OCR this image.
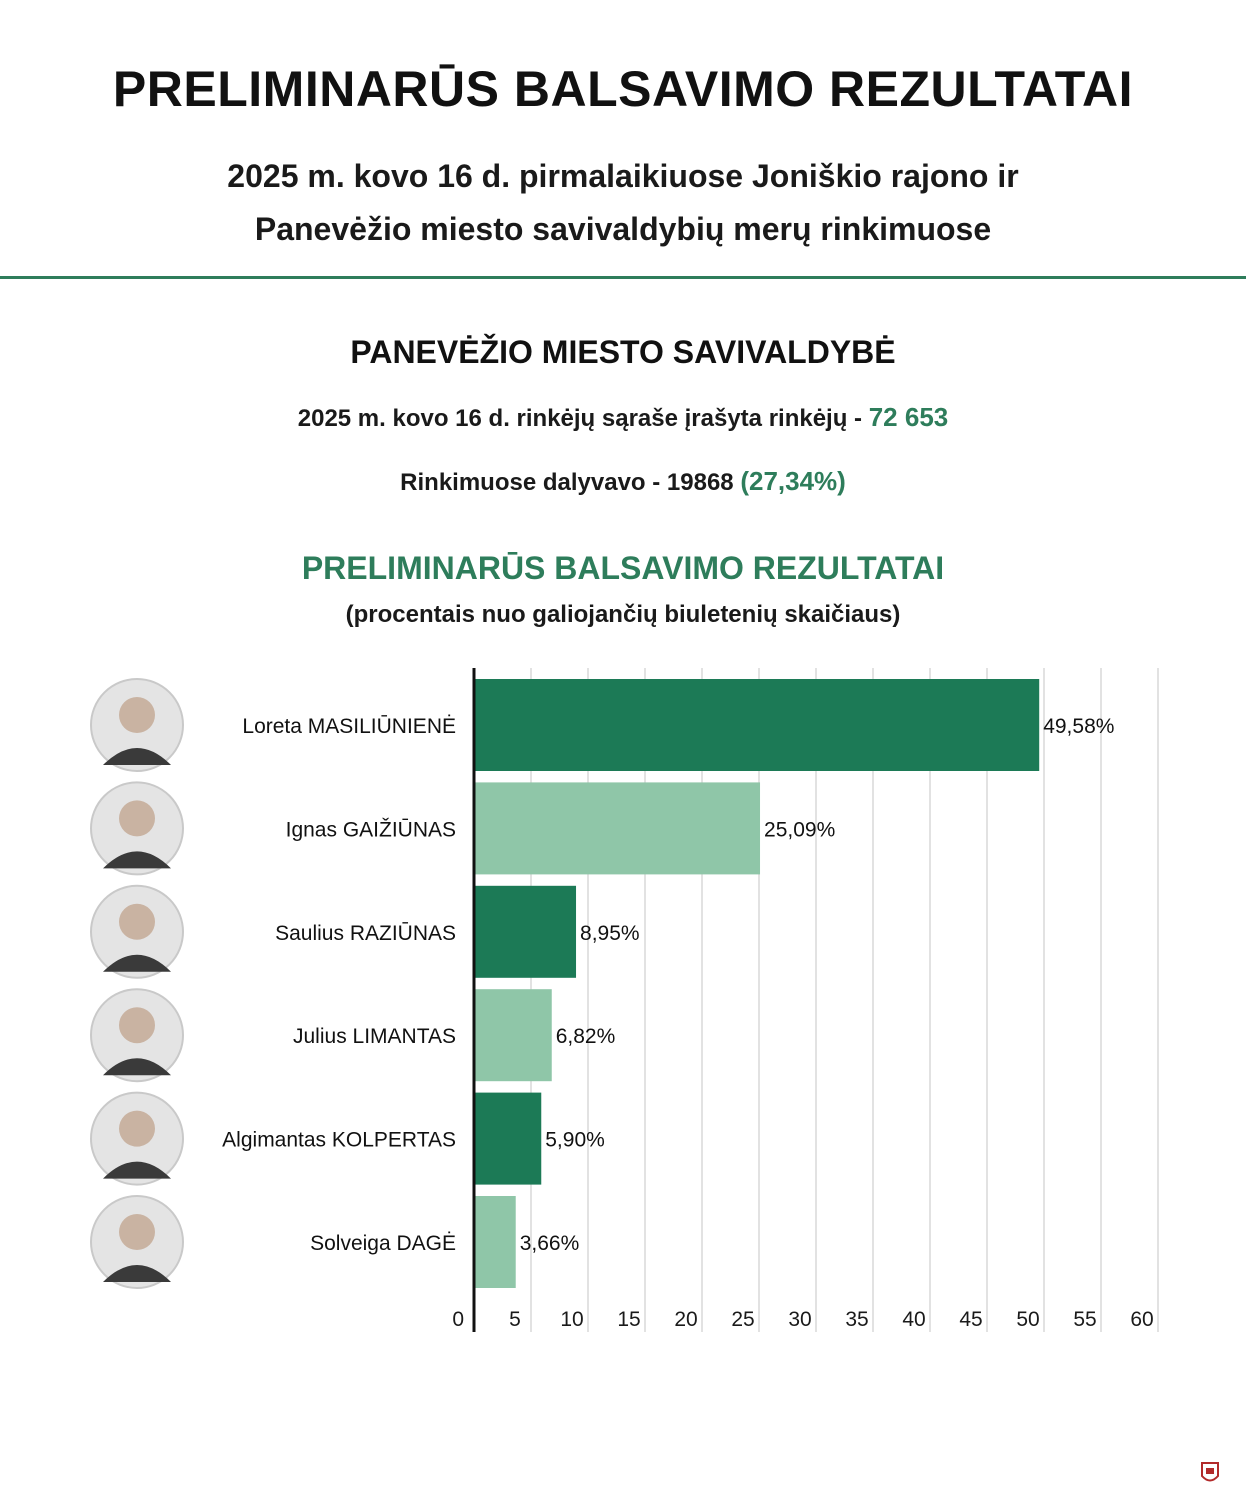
PRELIMINARŪS BALSAVIMO REZULTATAI
2025 m. kovo 16 d. pirmalaikiuose Joniškio rajono ir
Panevėžio miesto savivaldybių merų rinkimuose
PANEVĖŽIO MIESTO SAVIVALDYBĖ
2025 m. kovo 16 d. rinkėjų sąraše įrašyta rinkėjų - 72 653
Rinkimuose dalyvavo - 19868 (27,34%)
PRELIMINARŪS BALSAVIMO REZULTATAI
(procentais nuo galiojančių biuletenių skaičiaus)
0 5 10 15 20 25 30 35 40 45 50 55 60
49,58%
Loreta MASILIŪNIENĖ
25,09%
Ignas GAIŽIŪNAS
8,95%
Saulius RAZIŪNAS
6,82%
Julius LIMANTAS
5,90%
Algimantas KOLPERTAS
3,66%
Solveiga DAGĖ
